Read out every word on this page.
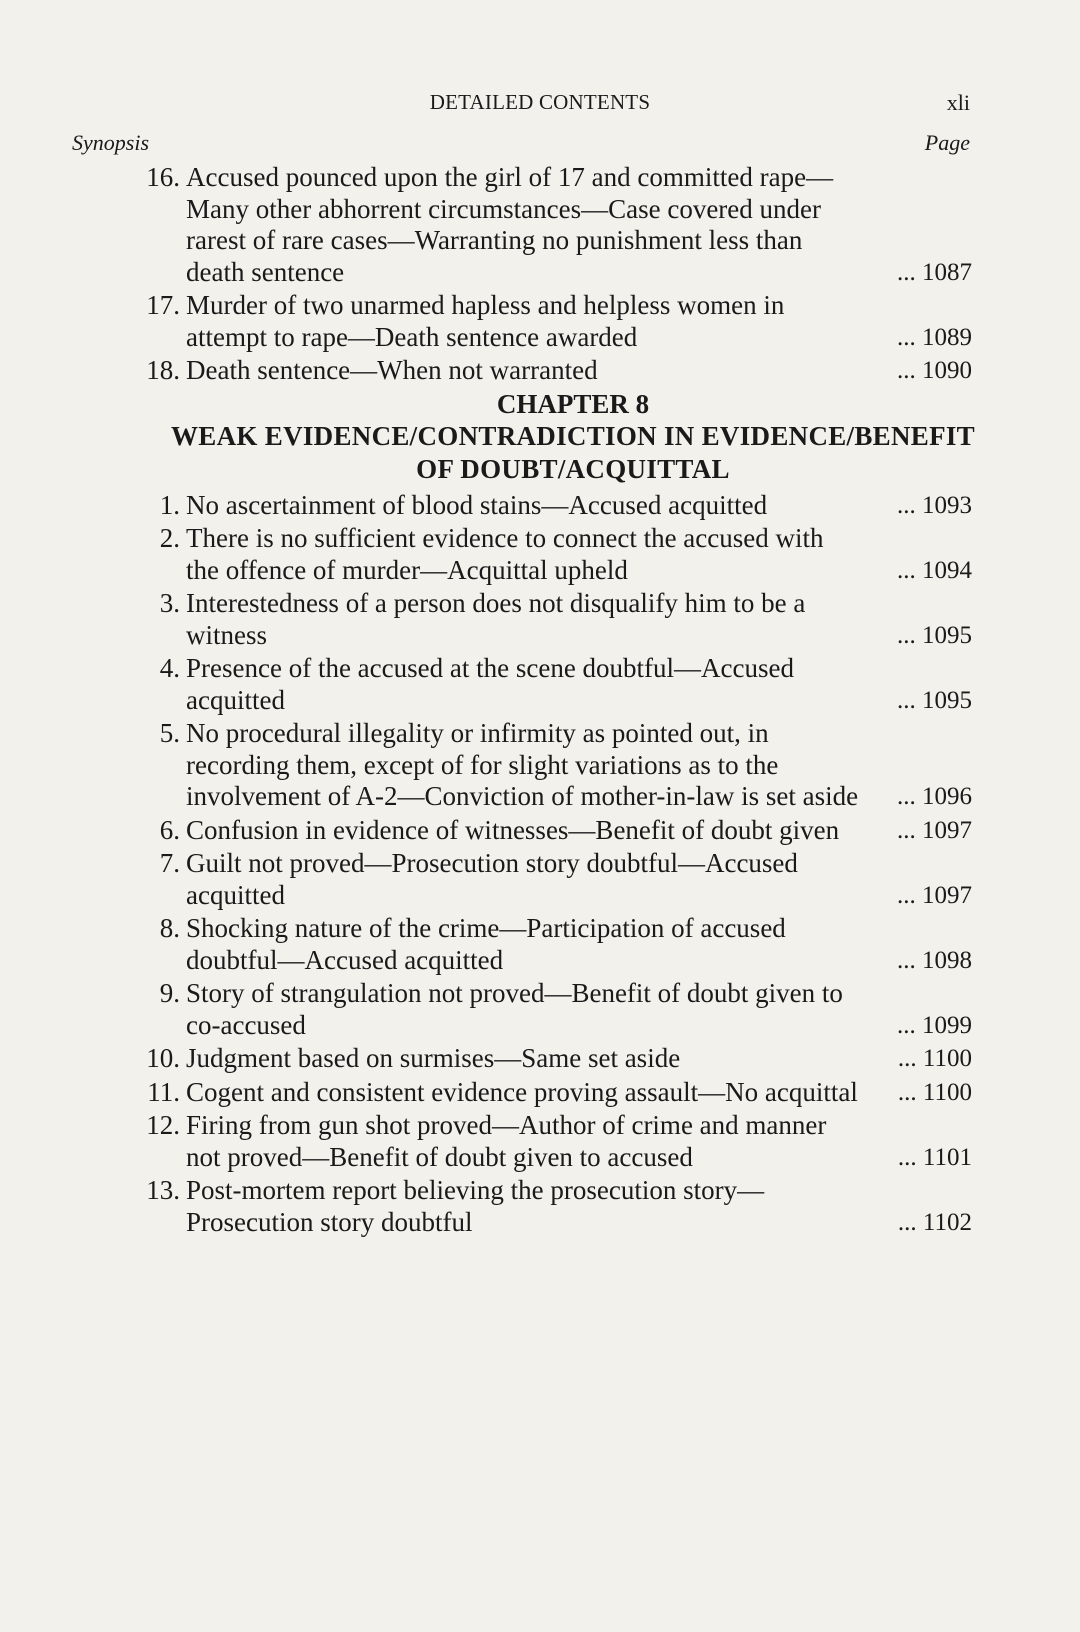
DETAILED CONTENTS	xli
Synopsis	Page
16. Accused pounced upon the girl of 17 and committed rape—Many other abhorrent circumstances—Case covered under rarest of rare cases—Warranting no punishment less than death sentence	... 1087
17. Murder of two unarmed hapless and helpless women in attempt to rape—Death sentence awarded	... 1089
18. Death sentence—When not warranted	... 1090
CHAPTER 8
WEAK EVIDENCE/CONTRADICTION IN EVIDENCE/BENEFIT OF DOUBT/ACQUITTAL
1. No ascertainment of blood stains—Accused acquitted	... 1093
2. There is no sufficient evidence to connect the accused with the offence of murder—Acquittal upheld	... 1094
3. Interestedness of a person does not disqualify him to be a witness	... 1095
4. Presence of the accused at the scene doubtful—Accused acquitted	... 1095
5. No procedural illegality or infirmity as pointed out, in recording them, except of for slight variations as to the involvement of A-2—Conviction of mother-in-law is set aside ... 1096
6. Confusion in evidence of witnesses—Benefit of doubt given ... 1097
7. Guilt not proved—Prosecution story doubtful—Accused acquitted	... 1097
8. Shocking nature of the crime—Participation of accused doubtful—Accused acquitted	... 1098
9. Story of strangulation not proved—Benefit of doubt given to co-accused	... 1099
10. Judgment based on surmises—Same set aside	... 1100
11. Cogent and consistent evidence proving assault—No acquittal ... 1100
12. Firing from gun shot proved—Author of crime and manner not proved—Benefit of doubt given to accused	... 1101
13. Post-mortem report believing the prosecution story—Prosecution story doubtful	... 1102
